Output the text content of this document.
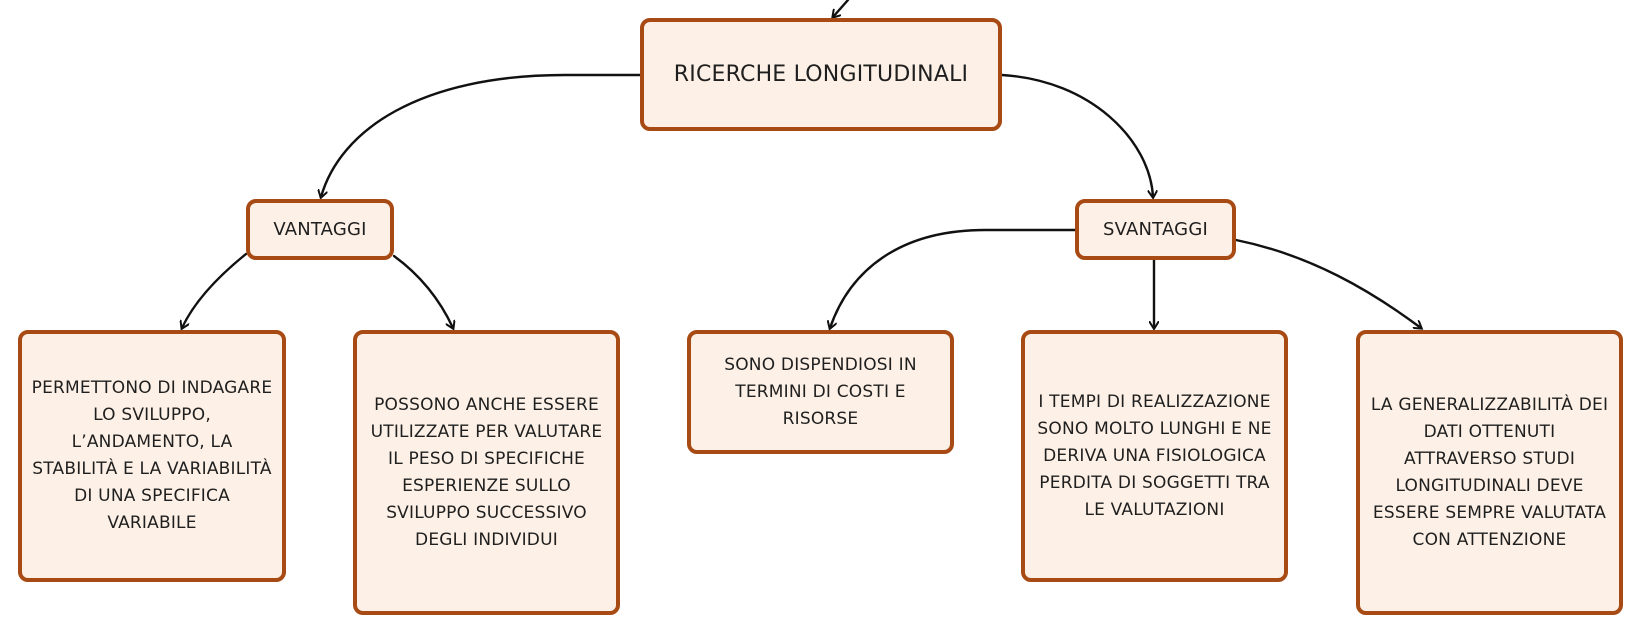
RICERCHE LONGITUDINALI
VANTAGGI	SVANTAGGI
PERMETTONO DI INDAGARE LO SVILUPPO, L’ANDAMENTO, LA STABILITÀ E LA VARIABILITÀ DI UNA SPECIFICA VARIABILE
POSSONO ANCHE ESSERE UTILIZZATE PER VALUTARE IL PESO DI SPECIFICHE ESPERIENZE SULLO SVILUPPO SUCCESSIVO DEGLI INDIVIDUI
SONO DISPENDIOSI IN TERMINI DI COSTI E RISORSE
I TEMPI DI REALIZZAZIONE SONO MOLTO LUNGHI E NE DERIVA UNA FISIOLOGICA PERDITA DI SOGGETTI TRA LE VALUTAZIONI
LA GENERALIZZABILITÀ DEI DATI OTTENUTI ATTRAVERSO STUDI LONGITUDINALI DEVE ESSERE SEMPRE VALUTATA CON ATTENZIONE
